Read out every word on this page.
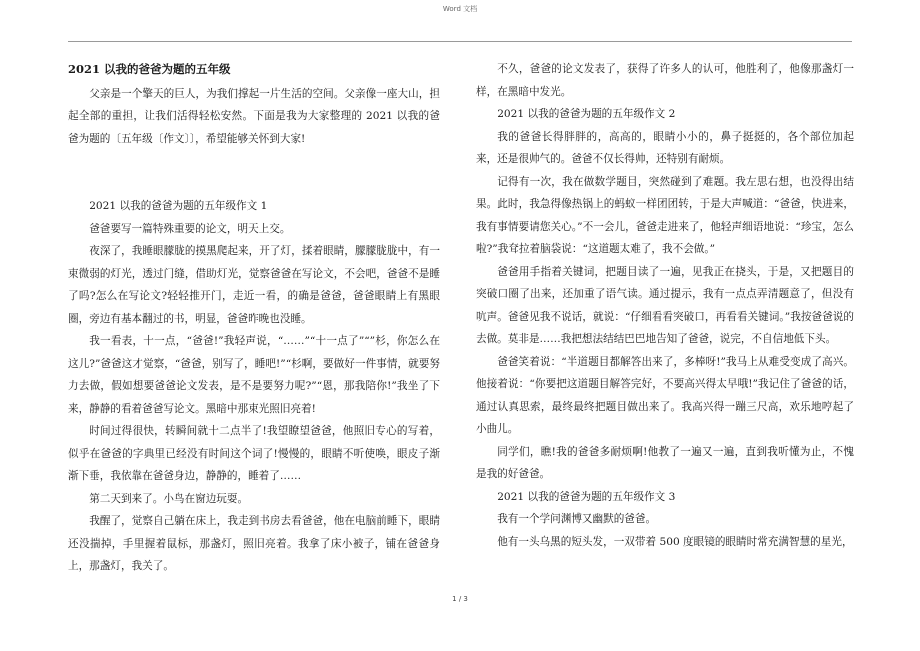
Word 文档
2021 以我的爸爸为题的五年级

父亲是一个擎天的巨人，为我们撑起一片生活的空间。父亲像一座大山，担起全部的重担，让我们活得轻松安然。下面是我为大家整理的 2021 以我的爸爸为题的〔五年级〔作文〕〕，希望能够关怀到大家!

2021 以我的爸爸为题的五年级作文 1

爸爸要写一篇特殊重要的论文，明天上交。

夜深了，我睡眼朦胧的摸黑爬起来，开了灯，揉着眼睛，朦朦胧胧中，有一束微弱的灯光，透过门缝，借助灯光，觉察爸爸在写论文，不会吧，爸爸不是睡了吗?怎么在写论文?轻轻推开门，走近一看，的确是爸爸，爸爸眼睛上有黑眼圈，旁边有基本翻过的书，明显，爸爸昨晚也没睡。

我一看表，十一点，“爸爸!”我轻声说，“……”“十一点了”“”杉，你怎么在这儿?”爸爸这才觉察，“爸爸，别写了，睡吧!”“杉啊，要做好一件事情，就要努力去做，假如想要爸爸论文发表，是不是要努力呢?”“恩，那我陪你!”我坐了下来，静静的看着爸爸写论文。黑暗中那束光照旧亮着!

时间过得很快，转瞬间就十二点半了!我望瞭望爸爸，他照旧专心的写着，似乎在爸爸的字典里已经没有时间这个词了!慢慢的，眼睛不听使唤，眼皮子渐渐下垂，我依靠在爸爸身边，静静的，睡着了……

第二天到来了。小鸟在窗边玩耍。

我醒了，觉察自己躺在床上，我走到书房去看爸爸，他在电脑前睡下，眼睛还没揣掉，手里握着鼠标，那盏灯，照旧亮着。我拿了床小被子，铺在爸爸身上，那盏灯，我关了。

不久，爸爸的论文发表了，获得了许多人的认可，他胜利了，他像那盏灯一样，在黑暗中发光。

2021 以我的爸爸为题的五年级作文 2

我的爸爸长得胖胖的，高高的，眼睛小小的，鼻子挺挺的，各个部位加起来，还是很帅气的。爸爸不仅长得帅，还特别有耐烦。

记得有一次，我在做数学题目，突然碰到了难题。我左思右想，也没得出结果。此时，我急得像热锅上的蚂蚁一样团团转，于是大声喊道：“爸爸，快进来，我有事情要请您关心。”不一会儿，爸爸走进来了，他轻声细语地说：“珍宝，怎么啦?”我耷拉着脑袋说：“这道题太难了，我不会做。”

爸爸用手指着关键词，把题目读了一遍，见我正在挠头，于是，又把题目的突破口圈了出来，还加重了语气读。通过提示，我有一点点弄清题意了，但没有吭声。爸爸见我不说话，就说：“仔细看看突破口，再看看关键词。”我按爸爸说的去做。莫非是……我把想法结结巴巴地告知了爸爸，说完，不自信地低下头。

爸爸笑着说：“半道题目都解答出来了，多棒呀!”我马上从难受变成了高兴。他接着说：“你要把这道题目解答完好，不要高兴得太早哦!”我记住了爸爸的话，通过认真思索，最终最终把题目做出来了。我高兴得一蹦三尺高，欢乐地哼起了小曲儿。

同学们，瞧!我的爸爸多耐烦啊!他教了一遍又一遍，直到我听懂为止，不愧是我的好爸爸。

2021 以我的爸爸为题的五年级作文 3

我有一个学问渊博又幽默的爸爸。

他有一头乌黑的短头发，一双带着 500 度眼镜的眼睛时常充满智慧的星光，

1 / 3
